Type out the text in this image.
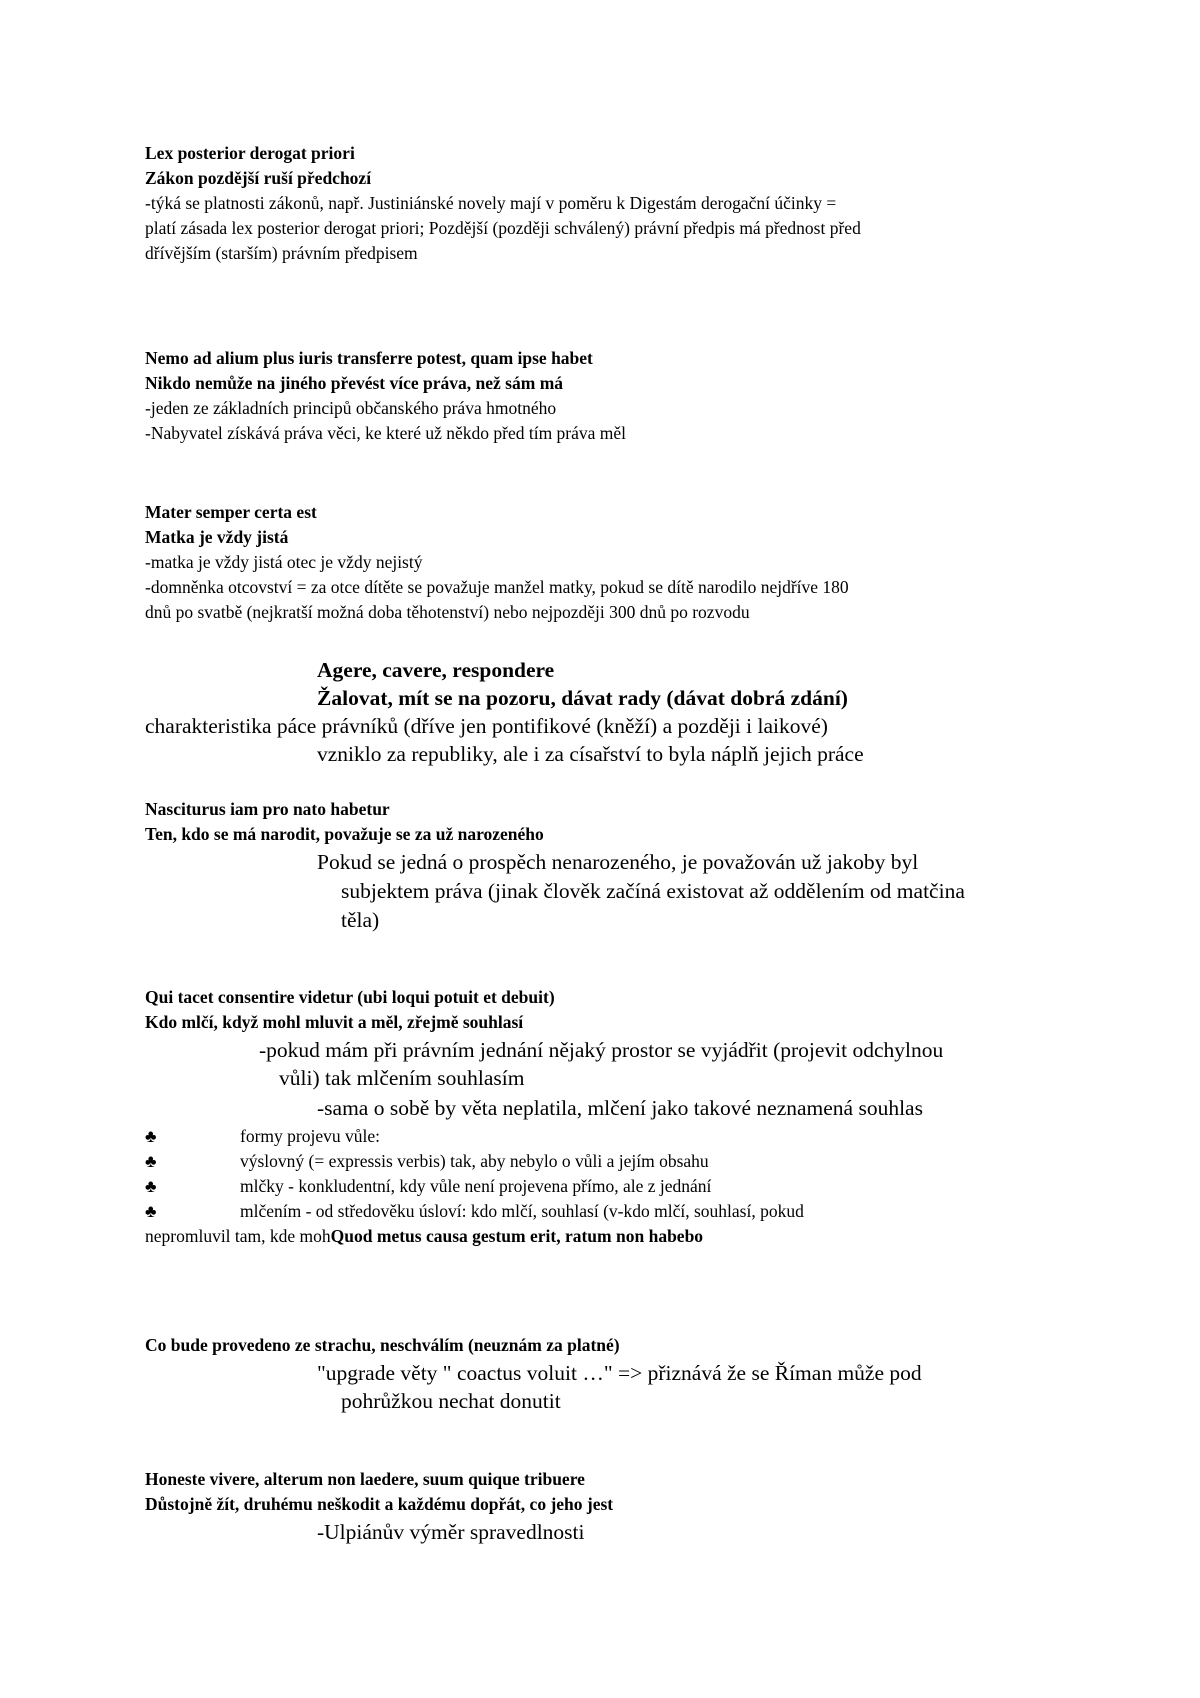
Lex posterior derogat priori
Zákon pozdější ruší předchozí
-týká se platnosti zákonů, např. Justiniánské novely mají v poměru k Digestám derogační účinky =
platí zásada lex posterior derogat priori; Pozdější (později schválený) právní předpis má přednost před
dřívějším (starším) právním předpisem
Nemo ad alium plus iuris transferre potest, quam ipse habet
Nikdo nemůže na jiného převést více práva, než sám má
-jeden ze základních principů občanského práva hmotného
-Nabyvatel získává práva věci, ke které už někdo před tím práva měl
Mater semper certa est
Matka je vždy jistá
-matka je vždy jistá otec je vždy nejistý
-domněnka otcovství = za otce dítěte se považuje manžel matky, pokud se dítě narodilo nejdříve 180
dnů po svatbě (nejkratší možná doba těhotenství) nebo nejpozději 300 dnů po rozvodu
Agere, cavere, respondere
Žalovat, mít se na pozoru, dávat rady (dávat dobrá zdání)
charakteristika páce právníků (dříve jen pontifikové (kněží) a později i laikové)
vzniklo za republiky, ale i za císařství to byla náplň jejich práce
Nasciturus iam pro nato habetur
Ten, kdo se má narodit, považuje se za už narozeného
Pokud se jedná o prospěch nenarozeného, je považován už jakoby byl
subjektem práva (jinak člověk začíná existovat až oddělením od matčina
těla)
Qui tacet consentire videtur (ubi loqui potuit et debuit)
Kdo mlčí, když mohl mluvit a měl, zřejmě souhlasí
-pokud mám při právním jednání nějaký prostor se vyjádřit (projevit odchylnou
vůli) tak mlčením souhlasím
-sama o sobě by věta neplatila, mlčení jako takové neznamená souhlas
♣	formy projevu vůle:
♣	výslovný (= expressis verbis) tak, aby nebylo o vůli a jejím obsahu
♣	mlčky - konkludentní, kdy vůle není projevena přímo, ale z jednání
♣	mlčením - od středověku úsloví: kdo mlčí, souhlasí (v-kdo mlčí, souhlasí, pokud
nepromluvil tam, kde mohQuod metus causa gestum erit, ratum non habebo
Co bude provedeno ze strachu, neschválím (neuznám za platné)
"upgrade věty " coactus voluit …" => přiznává že se Říman může pod
pohrůžkou nechat donutit
Honeste vivere, alterum non laedere, suum quique tribuere
Důstojně žít, druhému neškodit a každému dopřát, co jeho jest
-Ulpiánův výměr spravedlnosti
